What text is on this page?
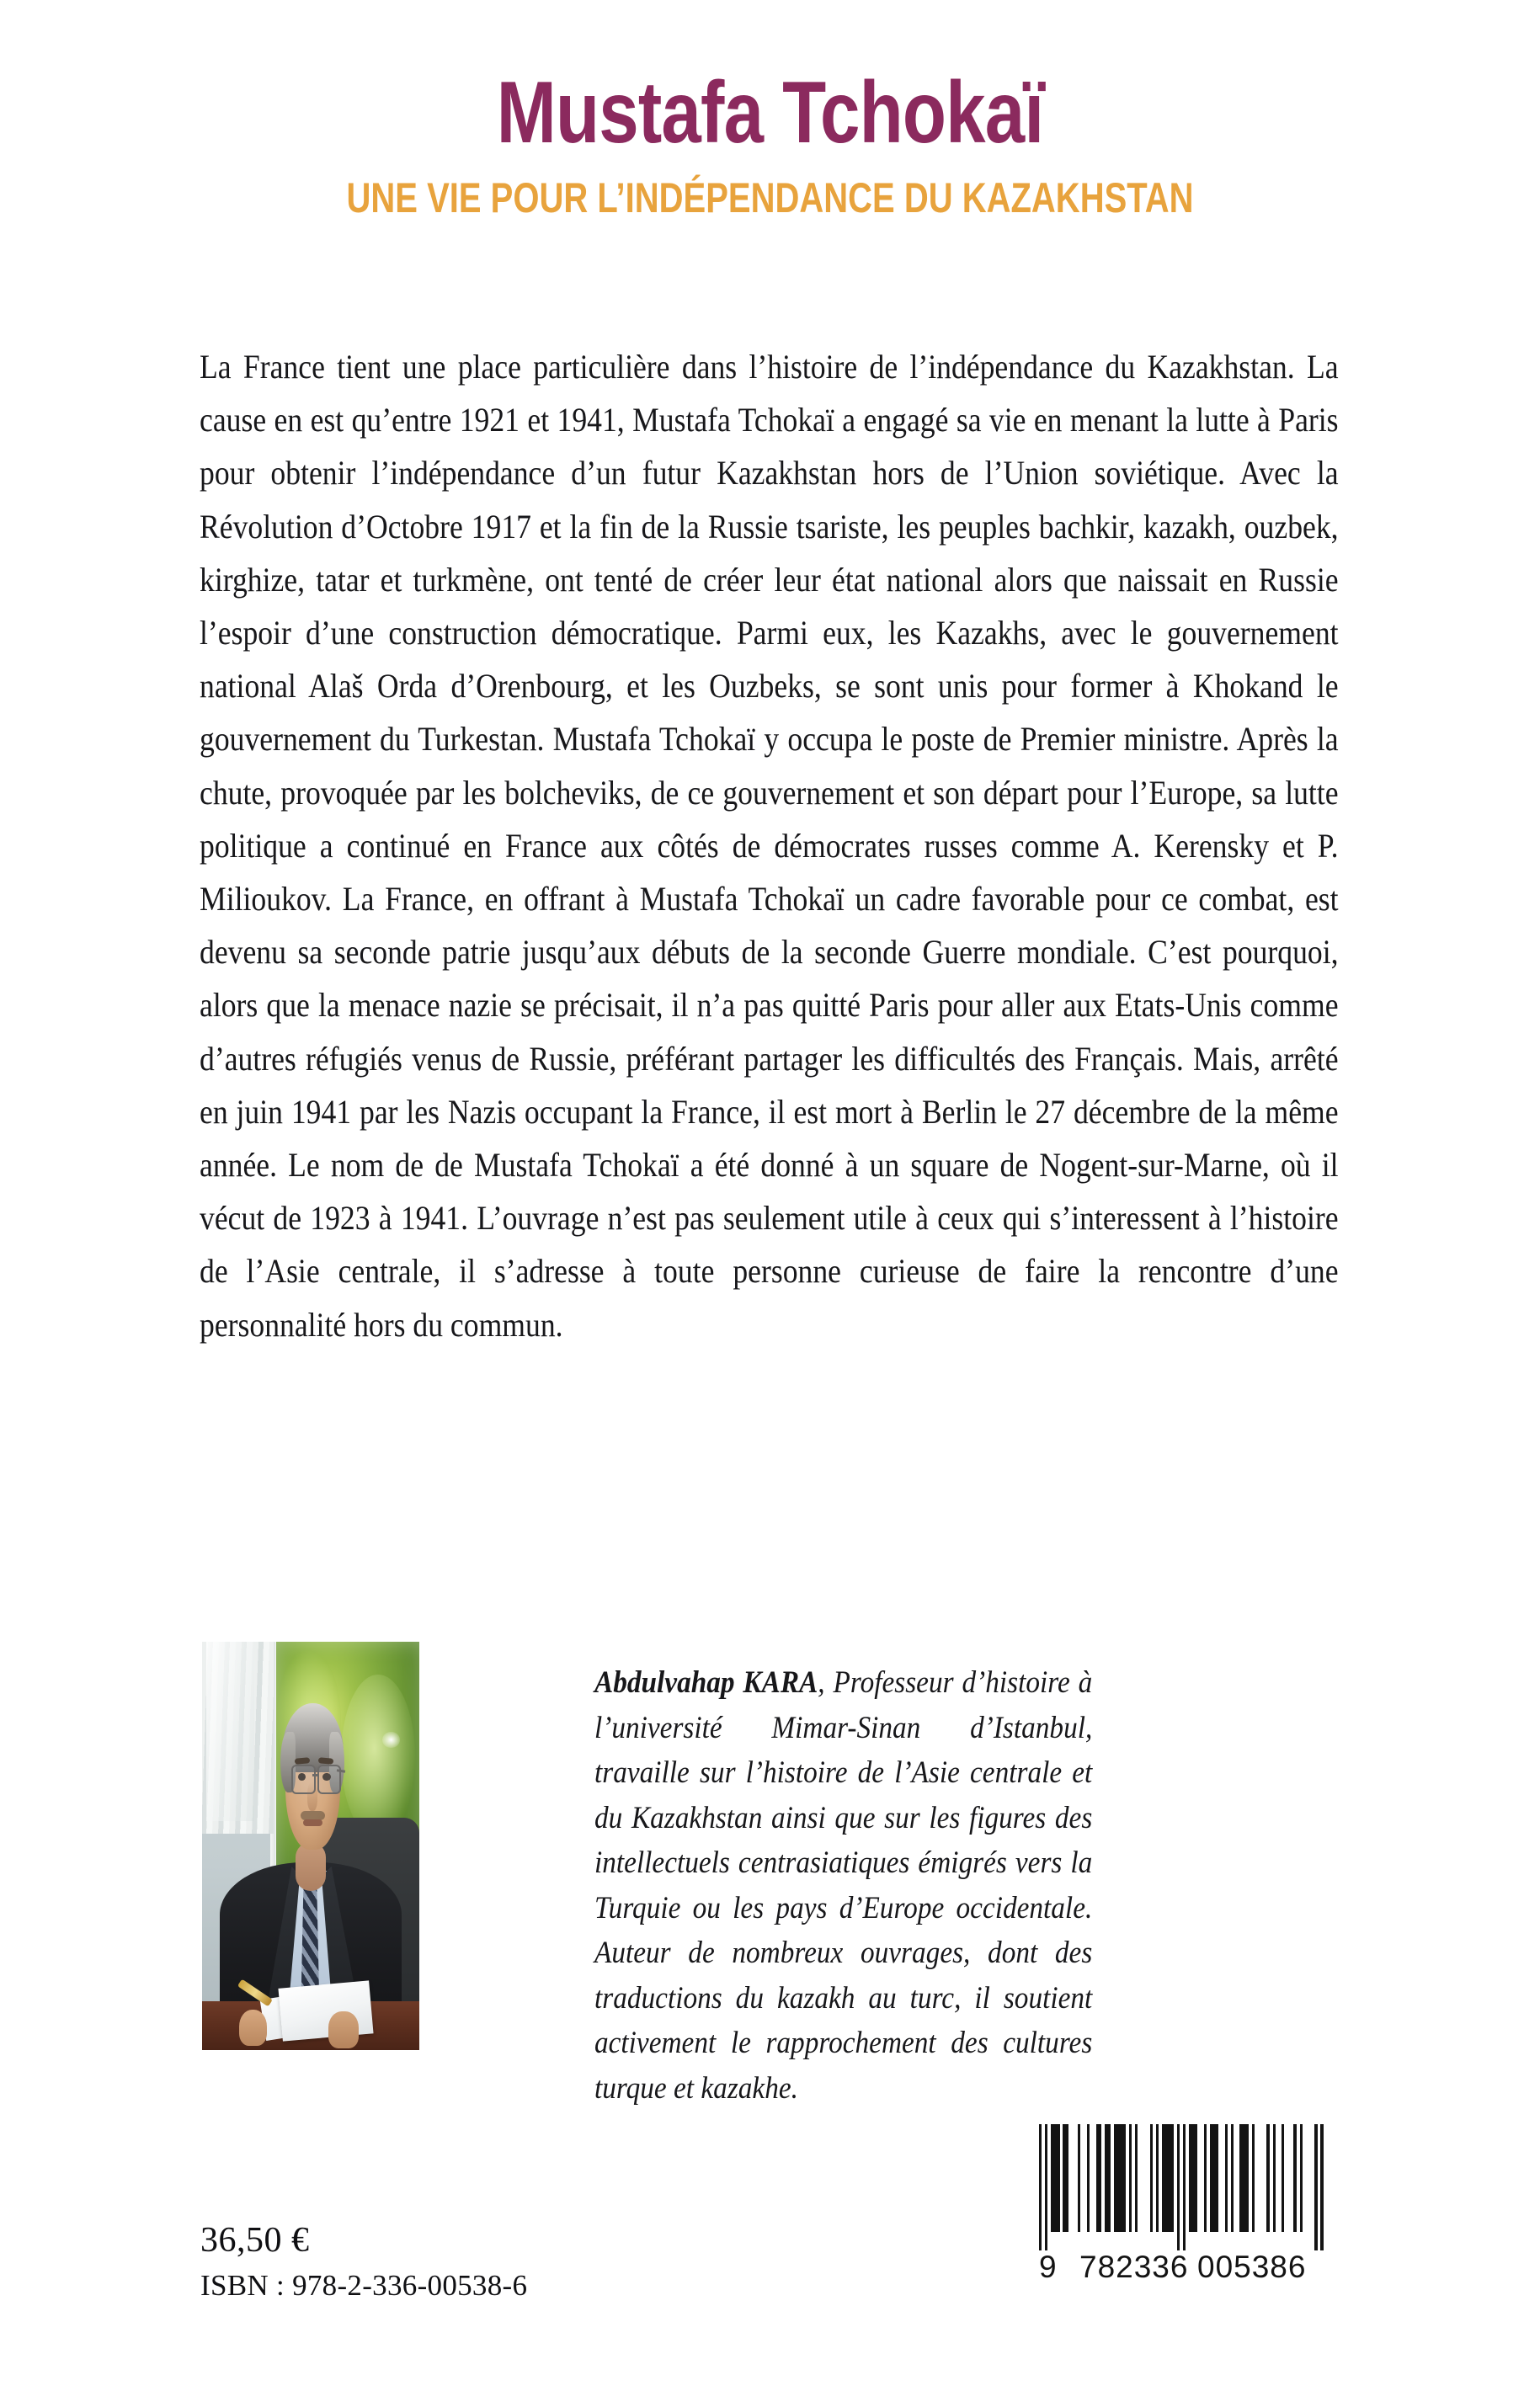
Mustafa Tchokaï
UNE VIE POUR L’INDÉPENDANCE DU KAZAKHSTAN
La France tient une place particulière dans l’histoire de l’indépendance du Kazakhstan. La cause en est qu’entre 1921 et 1941, Mustafa Tchokaï a engagé sa vie en menant la lutte à Paris pour obtenir l’indépendance d’un futur Kazakhstan hors de l’Union soviétique. Avec la Révolution d’Octobre 1917 et la fin de la Russie tsariste, les peuples bachkir, kazakh, ouzbek, kirghize, tatar et turkmène, ont tenté de créer leur état national alors que naissait en Russie l’espoir d’une construction démocratique. Parmi eux, les Kazakhs, avec le gouvernement national Alaš Orda d’Orenbourg, et les Ouzbeks, se sont unis pour former à Khokand le gouvernement du Turkestan. Mustafa Tchokaï y occupa le poste de Premier ministre. Après la chute, provoquée par les bolcheviks, de ce gouvernement et son départ pour l’Europe, sa lutte politique a continué en France aux côtés de démocrates russes comme A. Kerensky et P. Milioukov. La France, en offrant à Mustafa Tchokaï un cadre favorable pour ce combat, est devenu sa seconde patrie jusqu’aux débuts de la seconde Guerre mondiale. C’est pourquoi, alors que la menace nazie se précisait, il n’a pas quitté Paris pour aller aux Etats-Unis comme d’autres réfugiés venus de Russie, préférant partager les difficultés des Français. Mais, arrêté en juin 1941 par les Nazis occupant la France, il est mort à Berlin le 27 décembre de la même année. Le nom de de Mustafa Tchokaï a été donné à un square de Nogent-sur-Marne, où il vécut de 1923 à 1941. L’ouvrage n’est pas seulement utile à ceux qui s’interessent à l’histoire de l’Asie centrale, il s’adresse à toute personne curieuse de faire la rencontre d’une personnalité hors du commun.
Abdulvahap KARA, Professeur d’histoire à l’université Mimar-Sinan d’Istanbul, travaille sur l’histoire de l’Asie centrale et du Kazakhstan ainsi que sur les figures des intellectuels centrasiatiques émigrés vers la Turquie ou les pays d’Europe occidentale. Auteur de nombreux ouvrages, dont des traductions du kazakh au turc, il soutient activement le rapprochement des cultures turque et kazakhe.
36,50 €
ISBN : 978-2-336-00538-6
9 782336 005386
